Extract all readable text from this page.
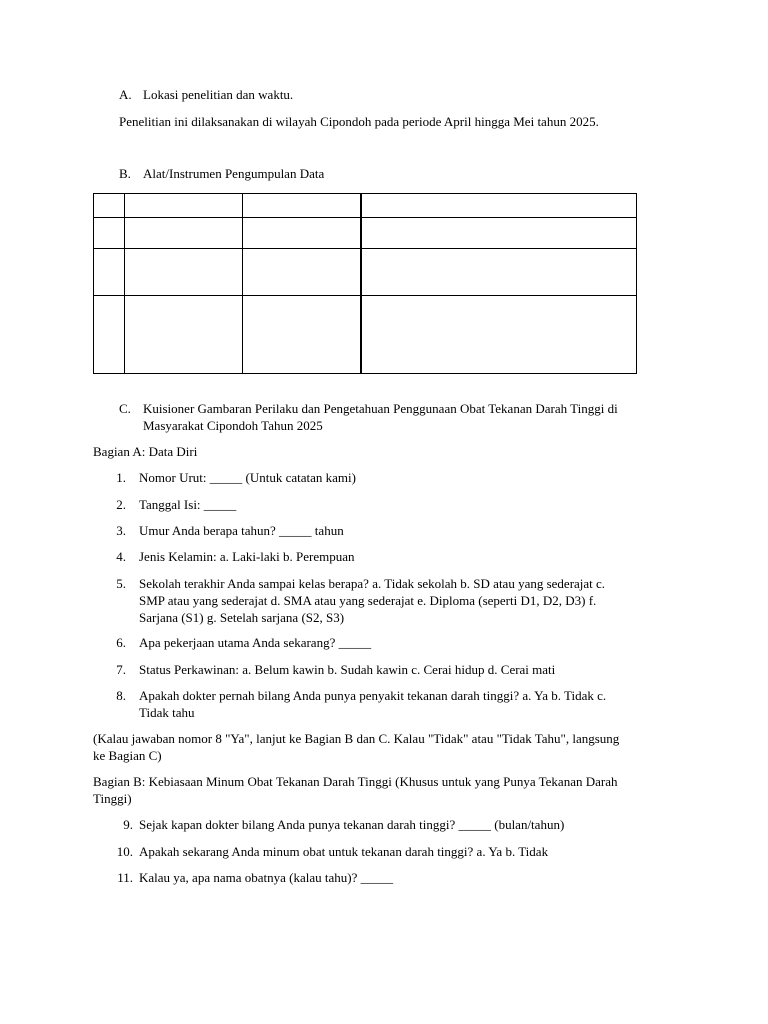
A. Lokasi penelitian dan waktu.
Penelitian ini dilaksanakan di wilayah Cipondoh pada periode April hingga Mei tahun 2025.
B. Alat/Instrumen Pengumpulan Data

C. Kuisioner Gambaran Perilaku dan Pengetahuan Penggunaan Obat Tekanan Darah Tinggi di
Masyarakat Cipondoh Tahun 2025
Bagian A: Data Diri
1. Nomor Urut: _____ (Untuk catatan kami)
2. Tanggal Isi: _____
3. Umur Anda berapa tahun? _____ tahun
4. Jenis Kelamin: a. Laki-laki b. Perempuan
5. Sekolah terakhir Anda sampai kelas berapa? a. Tidak sekolah b. SD atau yang sederajat c.
SMP atau yang sederajat d. SMA atau yang sederajat e. Diploma (seperti D1, D2, D3) f.
Sarjana (S1) g. Setelah sarjana (S2, S3)
6. Apa pekerjaan utama Anda sekarang? _____
7. Status Perkawinan: a. Belum kawin b. Sudah kawin c. Cerai hidup d. Cerai mati
8. Apakah dokter pernah bilang Anda punya penyakit tekanan darah tinggi? a. Ya b. Tidak c.
Tidak tahu
(Kalau jawaban nomor 8 "Ya", lanjut ke Bagian B dan C. Kalau "Tidak" atau "Tidak Tahu", langsung
ke Bagian C)
Bagian B: Kebiasaan Minum Obat Tekanan Darah Tinggi (Khusus untuk yang Punya Tekanan Darah
Tinggi)
9. Sejak kapan dokter bilang Anda punya tekanan darah tinggi? _____ (bulan/tahun)
10. Apakah sekarang Anda minum obat untuk tekanan darah tinggi? a. Ya b. Tidak
11. Kalau ya, apa nama obatnya (kalau tahu)? _____
